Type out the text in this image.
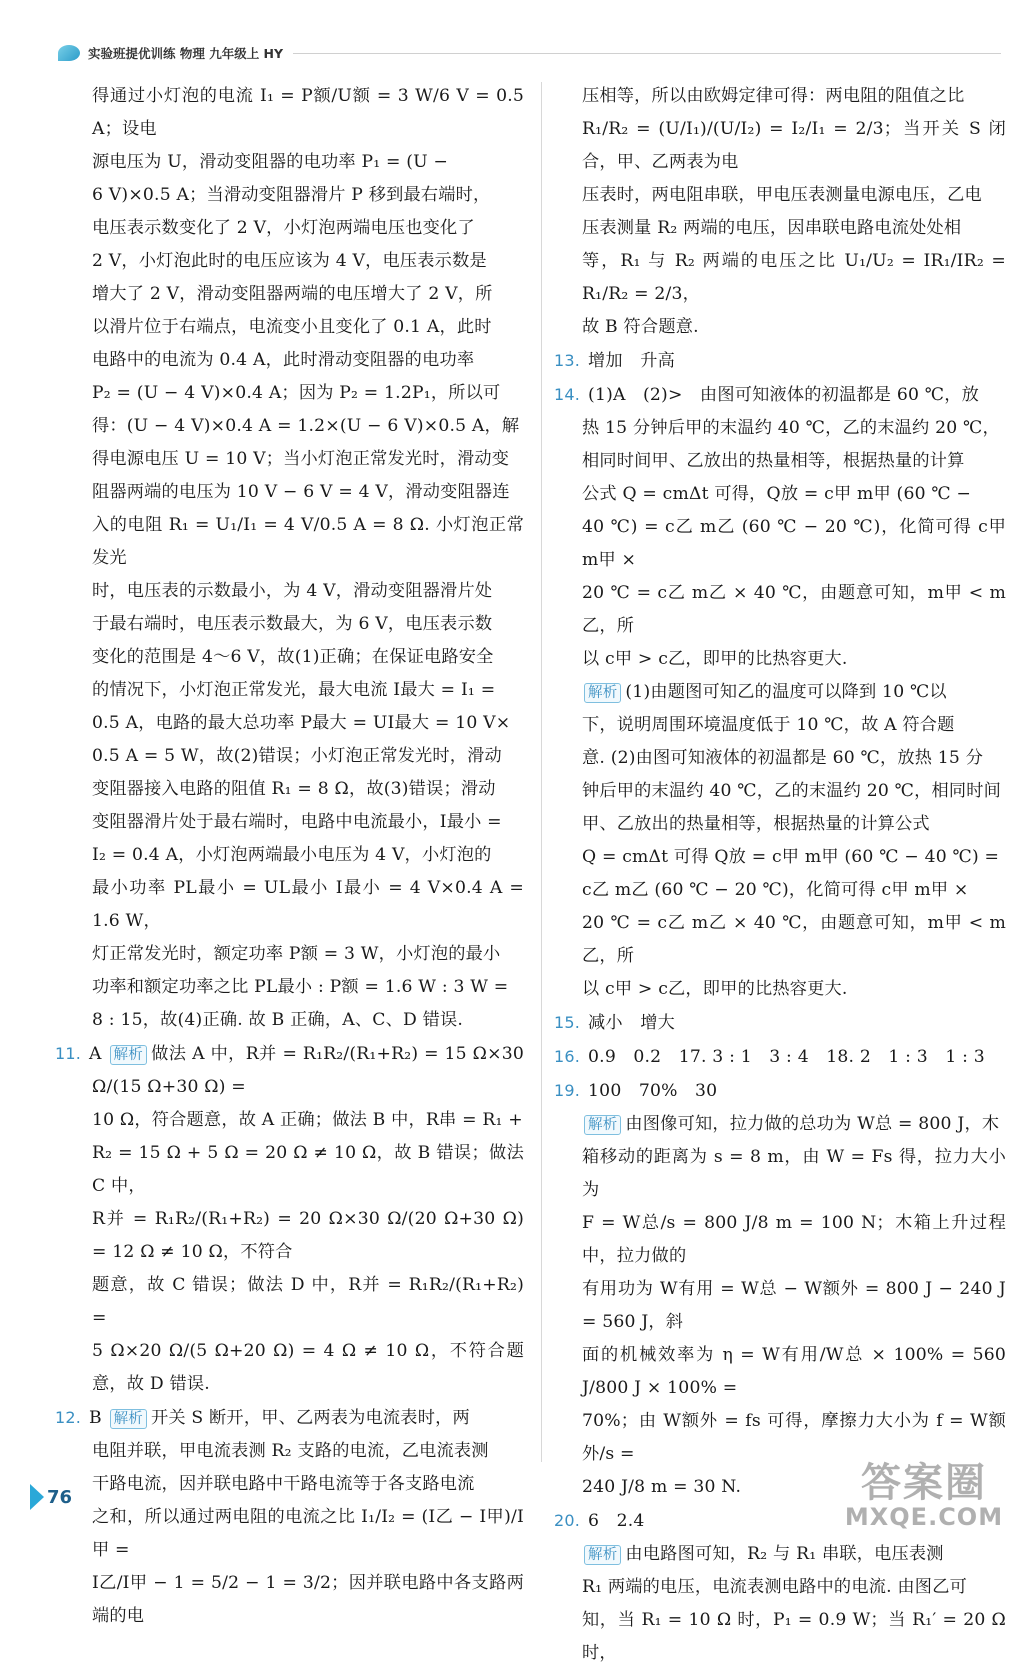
实验班提优训练 物理 九年级上 HY

得通过小灯泡的电流 I₁ = P额/U额 = 3 W/6 V = 0.5 A；设电

源电压为 U，滑动变阻器的电功率 P₁ = (U −

6 V)×0.5 A；当滑动变阻器滑片 P 移到最右端时，

电压表示数变化了 2 V，小灯泡两端电压也变化了

2 V，小灯泡此时的电压应该为 4 V，电压表示数是

增大了 2 V，滑动变阻器两端的电压增大了 2 V，所

以滑片位于右端点，电流变小且变化了 0.1 A，此时

电路中的电流为 0.4 A，此时滑动变阻器的电功率

P₂ = (U − 4 V)×0.4 A；因为 P₂ = 1.2P₁，所以可

得：(U − 4 V)×0.4 A = 1.2×(U − 6 V)×0.5 A，解

得电源电压 U = 10 V；当小灯泡正常发光时，滑动变

阻器两端的电压为 10 V − 6 V = 4 V，滑动变阻器连

入的电阻 R₁ = U₁/I₁ = 4 V/0.5 A = 8 Ω. 小灯泡正常发光

时，电压表的示数最小，为 4 V，滑动变阻器滑片处

于最右端时，电压表示数最大，为 6 V，电压表示数

变化的范围是 4～6 V，故(1)正确；在保证电路安全

的情况下，小灯泡正常发光，最大电流 I最大 = I₁ =

0.5 A，电路的最大总功率 P最大 = UI最大 = 10 V×

0.5 A = 5 W，故(2)错误；小灯泡正常发光时，滑动

变阻器接入电路的阻值 R₁ = 8 Ω，故(3)错误；滑动

变阻器滑片处于最右端时，电路中电流最小，I最小 =

I₂ = 0.4 A，小灯泡两端最小电压为 4 V，小灯泡的

最小功率 PL最小 = UL最小 I最小 = 4 V×0.4 A = 1.6 W，

灯正常发光时，额定功率 P额 = 3 W，小灯泡的最小

功率和额定功率之比 PL最小 : P额 = 1.6 W : 3 W =

8 : 15，故(4)正确. 故 B 正确，A、C、D 错误.

11. A 解析 做法 A 中，R并 = R₁R₂/(R₁+R₂) = 15 Ω×30 Ω/(15 Ω+30 Ω) =

10 Ω，符合题意，故 A 正确；做法 B 中，R串 = R₁ +

R₂ = 15 Ω + 5 Ω = 20 Ω ≠ 10 Ω，故 B 错误；做法 C 中，

R并 = R₁R₂/(R₁+R₂) = 20 Ω×30 Ω/(20 Ω+30 Ω) = 12 Ω ≠ 10 Ω，不符合

题意，故 C 错误；做法 D 中，R并 = R₁R₂/(R₁+R₂) =

5 Ω×20 Ω/(5 Ω+20 Ω) = 4 Ω ≠ 10 Ω，不符合题意，故 D 错误.

12. B 解析 开关 S 断开，甲、乙两表为电流表时，两

电阻并联，甲电流表测 R₂ 支路的电流，乙电流表测

干路电流，因并联电路中干路电流等于各支路电流

之和，所以通过两电阻的电流之比 I₁/I₂ = (I乙 − I甲)/I甲 =

I乙/I甲 − 1 = 5/2 − 1 = 3/2；因并联电路中各支路两端的电

压相等，所以由欧姆定律可得：两电阻的阻值之比

R₁/R₂ = (U/I₁)/(U/I₂) = I₂/I₁ = 2/3；当开关 S 闭合，甲、乙两表为电

压表时，两电阻串联，甲电压表测量电源电压，乙电

压表测量 R₂ 两端的电压，因串联电路电流处处相

等，R₁ 与 R₂ 两端的电压之比 U₁/U₂ = IR₁/IR₂ = R₁/R₂ = 2/3，

故 B 符合题意.

13. 增加　升高

14. (1)A　(2)>　由图可知液体的初温都是 60 ℃，放

热 15 分钟后甲的末温约 40 ℃，乙的末温约 20 ℃，

相同时间甲、乙放出的热量相等，根据热量的计算

公式 Q = cmΔt 可得，Q放 = c甲 m甲 (60 ℃ −

40 ℃) = c乙 m乙 (60 ℃ − 20 ℃)，化简可得 c甲 m甲 ×

20 ℃ = c乙 m乙 × 40 ℃，由题意可知，m甲 < m乙，所

以 c甲 > c乙，即甲的比热容更大.

解析 (1)由题图可知乙的温度可以降到 10 ℃以

下，说明周围环境温度低于 10 ℃，故 A 符合题

意. (2)由图可知液体的初温都是 60 ℃，放热 15 分

钟后甲的末温约 40 ℃，乙的末温约 20 ℃，相同时间

甲、乙放出的热量相等，根据热量的计算公式

Q = cmΔt 可得 Q放 = c甲 m甲 (60 ℃ − 40 ℃) =

c乙 m乙 (60 ℃ − 20 ℃)，化简可得 c甲 m甲 ×

20 ℃ = c乙 m乙 × 40 ℃，由题意可知，m甲 < m乙，所

以 c甲 > c乙，即甲的比热容更大.

15. 减小　增大

16. 0.9　0.2　17. 3 : 1　3 : 4　18. 2　1 : 3　1 : 3

19. 100　70%　30

解析 由图像可知，拉力做的总功为 W总 = 800 J，木

箱移动的距离为 s = 8 m，由 W = Fs 得，拉力大小为

F = W总/s = 800 J/8 m = 100 N；木箱上升过程中，拉力做的

有用功为 W有用 = W总 − W额外 = 800 J − 240 J = 560 J，斜

面的机械效率为 η = W有用/W总 × 100% = 560 J/800 J × 100% =

70%；由 W额外 = fs 可得，摩擦力大小为 f = W额外/s =

240 J/8 m = 30 N.

20. 6　2.4

解析 由电路图可知，R₂ 与 R₁ 串联，电压表测

R₁ 两端的电压，电流表测电路中的电流. 由图乙可

知，当 R₁ = 10 Ω 时，P₁ = 0.9 W；当 R₁′ = 20 Ω 时，

76	答案圈
MXQE.COM
